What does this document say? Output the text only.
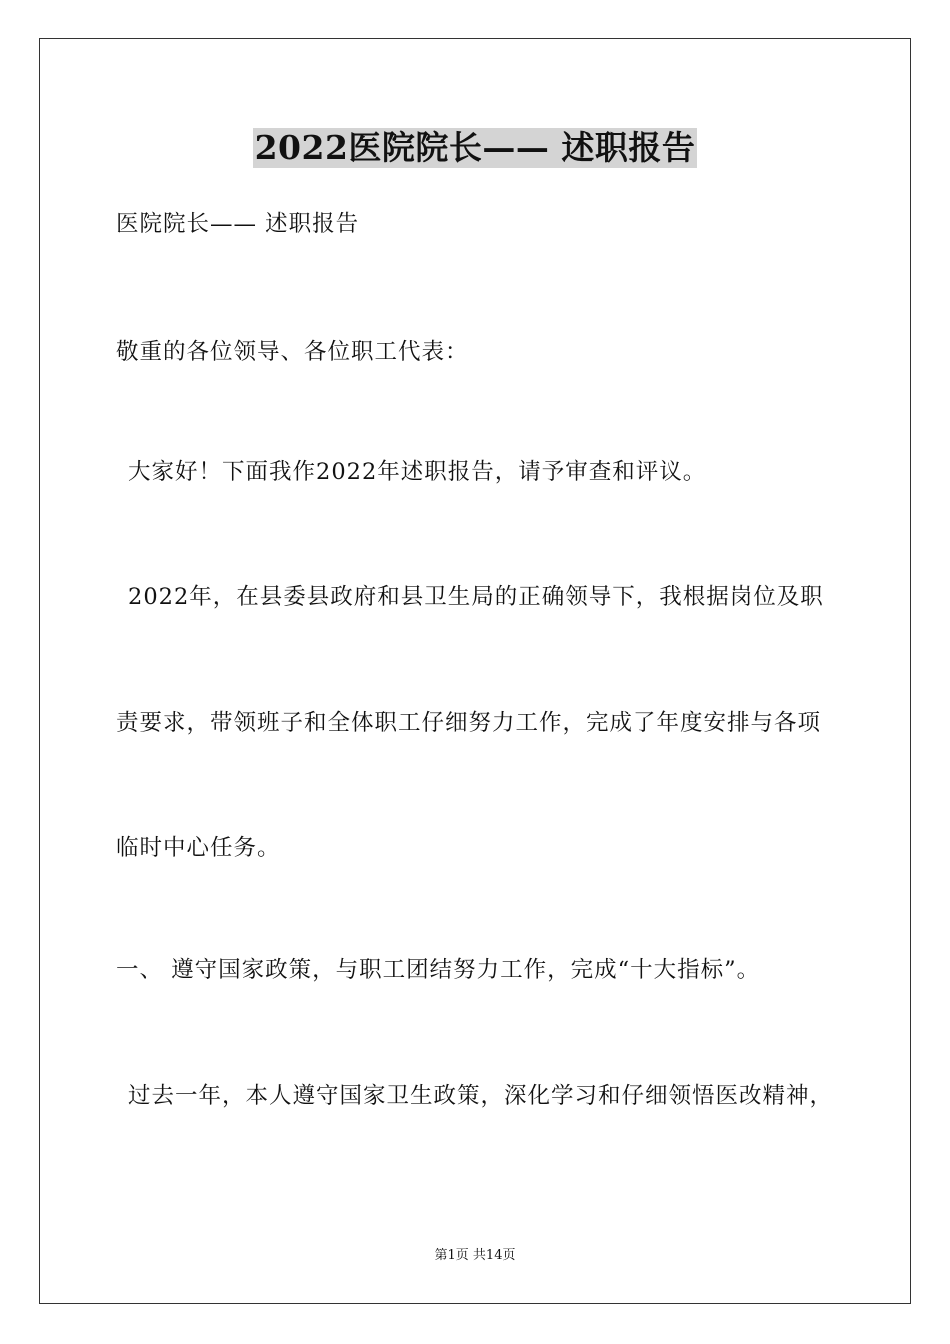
2022医院院长—— 述职报告
医院院长—— 述职报告
敬重的各位领导、各位职工代表：
大家好！下面我作2022年述职报告，请予审查和评议。
2022年，在县委县政府和县卫生局的正确领导下，我根据岗位及职
责要求，带领班子和全体职工仔细努力工作，完成了年度安排与各项
临时中心任务。
一、 遵守国家政策，与职工团结努力工作，完成“十大指标”。
过去一年，本人遵守国家卫生政策，深化学习和仔细领悟医改精神，
第1页 共14页
